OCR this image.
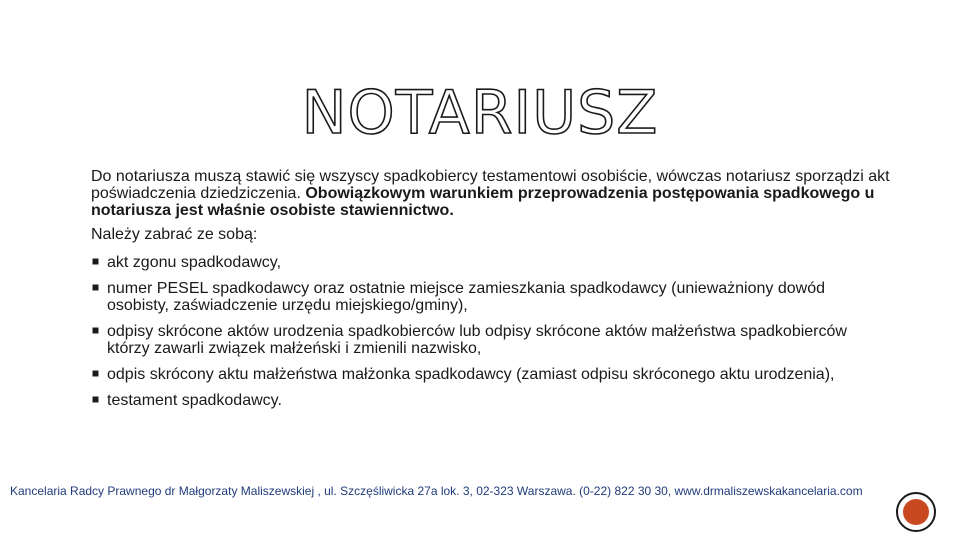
NOTARIUSZ

Do notariusza muszą stawić się wszyscy spadkobiercy testamentowi osobiście, wówczas notariusz sporządzi akt poświadczenia dziedziczenia. Obowiązkowym warunkiem przeprowadzenia postępowania spadkowego u notariusza jest właśnie osobiste stawiennictwo.

Należy zabrać ze sobą:

akt zgonu spadkodawcy,
numer PESEL spadkodawcy oraz ostatnie miejsce zamieszkania spadkodawcy (unieważniony dowód osobisty, zaświadczenie urzędu miejskiego/gminy),
odpisy skrócone aktów urodzenia spadkobierców lub odpisy skrócone aktów małżeństwa spadkobierców którzy zawarli związek małżeński i zmienili nazwisko,
odpis skrócony aktu małżeństwa małżonka spadkodawcy (zamiast odpisu skróconego aktu urodzenia),
testament spadkodawcy.
Kancelaria Radcy Prawnego dr Małgorzaty Maliszewskiej , ul. Szczęśliwicka 27a lok. 3, 02-323 Warszawa. (0-22) 822 30 30, www.drmaliszewskakancelaria.com
